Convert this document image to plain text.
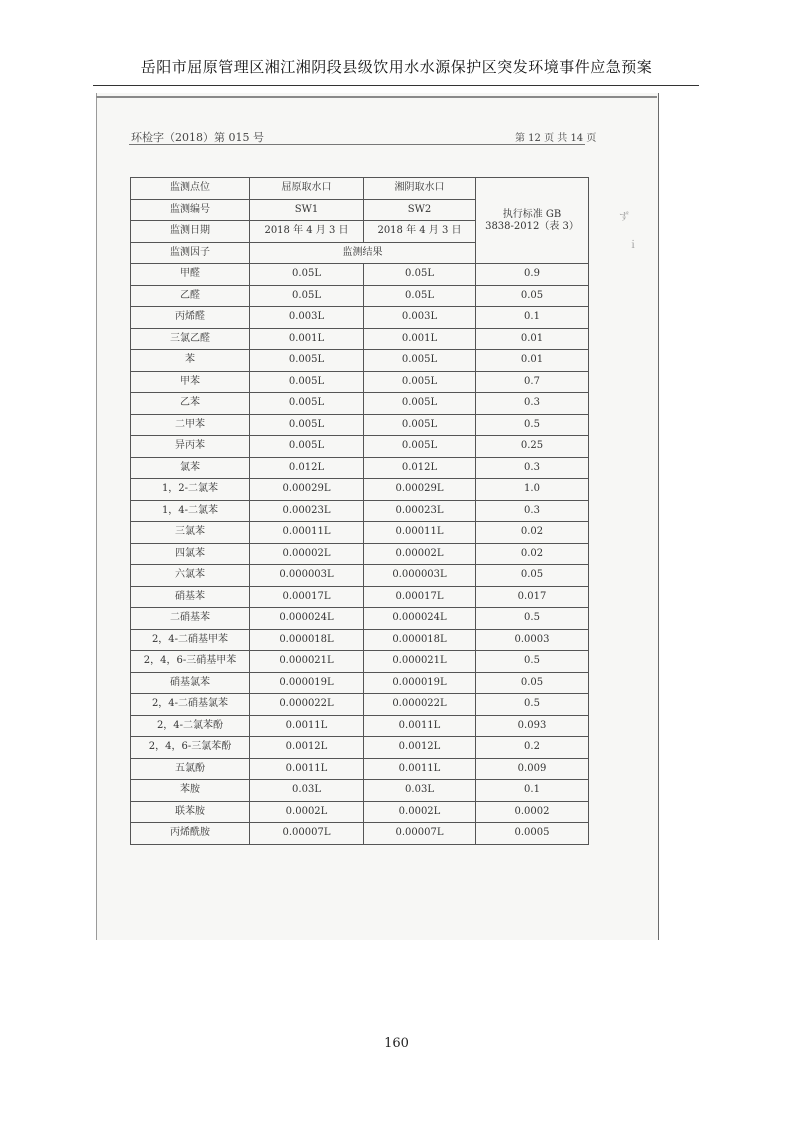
岳阳市屈原管理区湘江湘阴段县级饮用水水源保护区突发环境事件应急预案
环检字（2018）第 015 号	第 12 页 共 14 页
ず
ｉ
监测点位	屈原取水口	湘阴取水口	执行标准 GB
3838-2012（表 3）
监测编号	SW1	SW2	
监测日期	2018 年 4 月 3 日	2018 年 4 月 3 日	
监测因子	监测结果		
甲醛	0.05L	0.05L	0.9
乙醛	0.05L	0.05L	0.05
丙烯醛	0.003L	0.003L	0.1
三氯乙醛	0.001L	0.001L	0.01
苯	0.005L	0.005L	0.01
甲苯	0.005L	0.005L	0.7
乙苯	0.005L	0.005L	0.3
二甲苯	0.005L	0.005L	0.5
异丙苯	0.005L	0.005L	0.25
氯苯	0.012L	0.012L	0.3
1，2-二氯苯	0.00029L	0.00029L	1.0
1，4-二氯苯	0.00023L	0.00023L	0.3
三氯苯	0.00011L	0.00011L	0.02
四氯苯	0.00002L	0.00002L	0.02
六氯苯	0.000003L	0.000003L	0.05
硝基苯	0.00017L	0.00017L	0.017
二硝基苯	0.000024L	0.000024L	0.5
2，4-二硝基甲苯	0.000018L	0.000018L	0.0003
2，4，6-三硝基甲苯	0.000021L	0.000021L	0.5
硝基氯苯	0.000019L	0.000019L	0.05
2，4-二硝基氯苯	0.000022L	0.000022L	0.5
2，4-二氯苯酚	0.0011L	0.0011L	0.093
2，4，6-三氯苯酚	0.0012L	0.0012L	0.2
五氯酚	0.0011L	0.0011L	0.009
苯胺	0.03L	0.03L	0.1
联苯胺	0.0002L	0.0002L	0.0002
丙烯酰胺	0.00007L	0.00007L	0.0005
160
